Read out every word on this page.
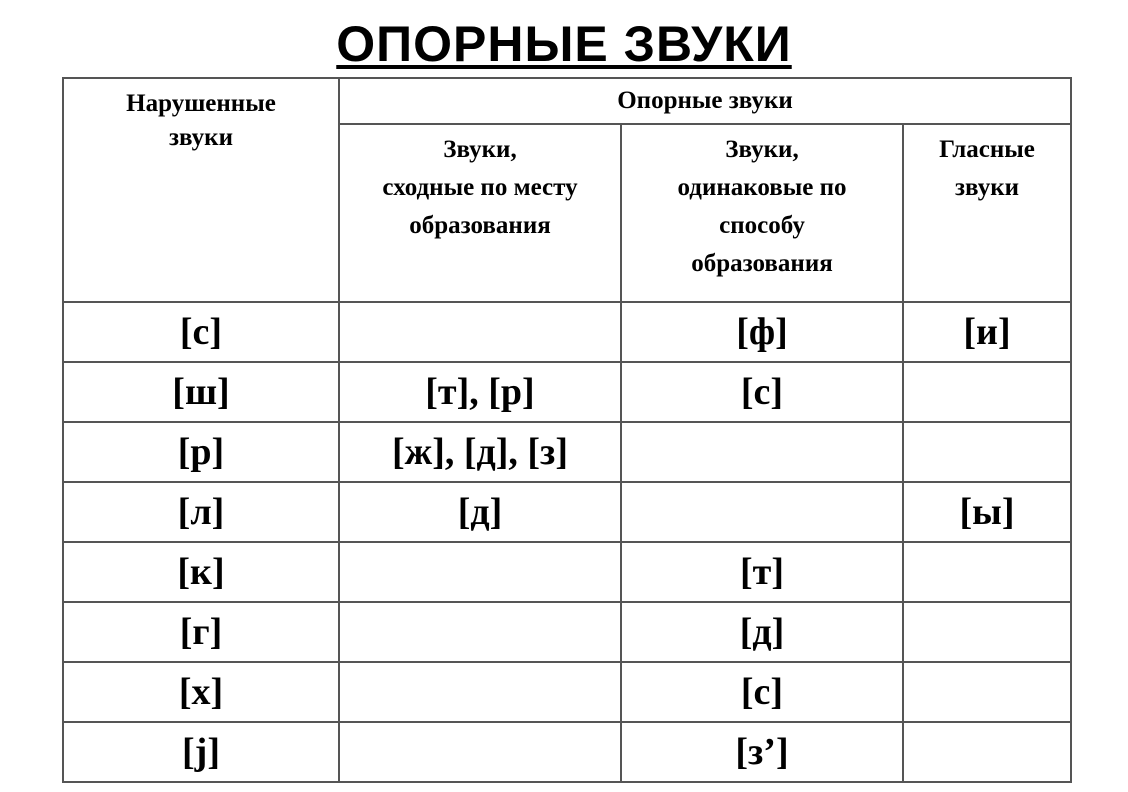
ОПОРНЫЕ ЗВУКИ
Нарушенные
звуки	Опорные звуки		

	Звуки,
сходные по месту
образования	Звуки,
одинаковые по
способу
образования	Гласные
звуки

[с]		[ф]	[и]
[ш]	[т], [р]	[с]	
[р]	[ж], [д], [з]		
[л]	[д]		[ы]
[к]		[т]	
[г]		[д]	
[х]		[с]	
[j]		[з’]	
